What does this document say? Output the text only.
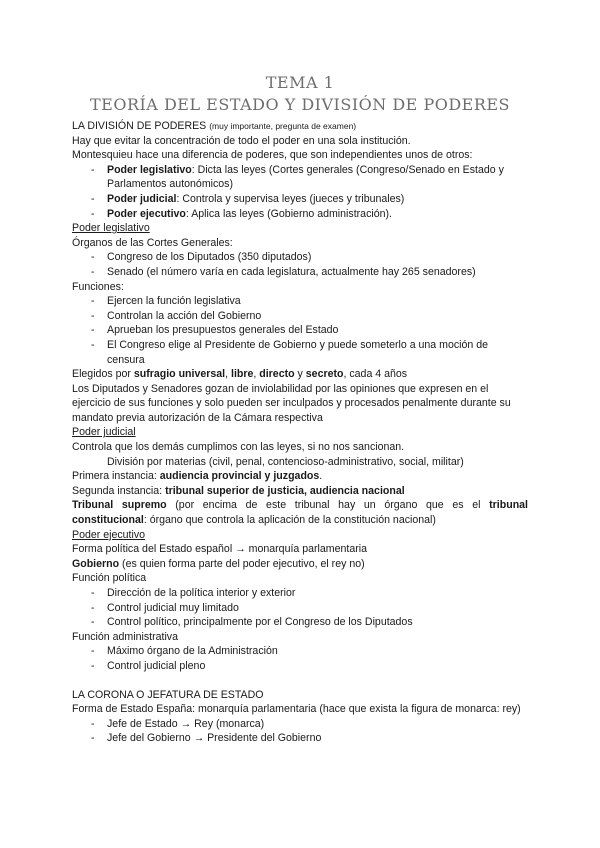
TEMA 1
TEORÍA DEL ESTADO Y DIVISIÓN DE PODERES
LA DIVISIÓN DE PODERES (muy importante, pregunta de examen)
Hay que evitar la concentración de todo el poder en una sola institución.
Montesquieu hace una diferencia de poderes, que son independientes unos de otros:
- Poder legislativo: Dicta las leyes (Cortes generales (Congreso/Senado en Estado y Parlamentos autonómicos)
- Poder judicial: Controla y supervisa leyes (jueces y tribunales)
- Poder ejecutivo: Aplica las leyes (Gobierno administración).
Poder legislativo
Órganos de las Cortes Generales:
- Congreso de los Diputados (350 diputados)
- Senado (el número varía en cada legislatura, actualmente hay 265 senadores)
Funciones:
- Ejercen la función legislativa
- Controlan la acción del Gobierno
- Aprueban los presupuestos generales del Estado
- El Congreso elige al Presidente de Gobierno y puede someterlo a una moción de censura
Elegidos por sufragio universal, libre, directo y secreto, cada 4 años
Los Diputados y Senadores gozan de inviolabilidad por las opiniones que expresen en el ejercicio de sus funciones y solo pueden ser inculpados y procesados penalmente durante su mandato previa autorización de la Cámara respectiva
Poder judicial
Controla que los demás cumplimos con las leyes, si no nos sancionan.
División por materias (civil, penal, contencioso-administrativo, social, militar)
Primera instancia: audiencia provincial y juzgados.
Segunda instancia: tribunal superior de justicia, audiencia nacional
Tribunal supremo (por encima de este tribunal hay un órgano que es el tribunal constitucional: órgano que controla la aplicación de la constitución nacional)
Poder ejecutivo
Forma política del Estado español → monarquía parlamentaria
Gobierno (es quien forma parte del poder ejecutivo, el rey no)
Función política
- Dirección de la política interior y exterior
- Control judicial muy limitado
- Control político, principalmente por el Congreso de los Diputados
Función administrativa
- Máximo órgano de la Administración
- Control judicial pleno
LA CORONA O JEFATURA DE ESTADO
Forma de Estado España: monarquía parlamentaria (hace que exista la figura de monarca: rey)
- Jefe de Estado → Rey (monarca)
- Jefe del Gobierno → Presidente del Gobierno
